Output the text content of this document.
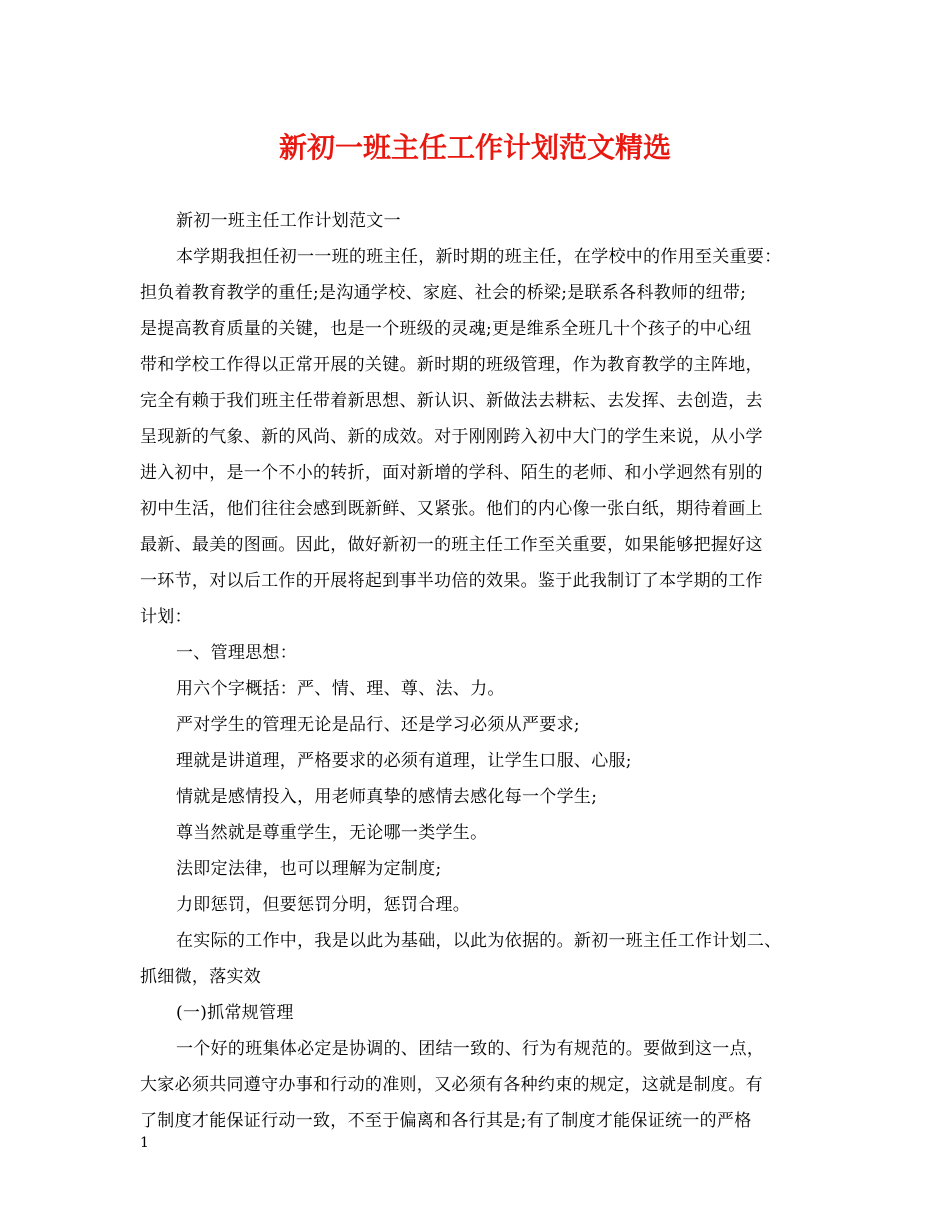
新初一班主任工作计划范文精选
新初一班主任工作计划范文一
本学期我担任初一一班的班主任，新时期的班主任，在学校中的作用至关重要：
担负着教育教学的重任;是沟通学校、家庭、社会的桥梁;是联系各科教师的纽带;
是提高教育质量的关键，也是一个班级的灵魂;更是维系全班几十个孩子的中心纽
带和学校工作得以正常开展的关键。新时期的班级管理，作为教育教学的主阵地，
完全有赖于我们班主任带着新思想、新认识、新做法去耕耘、去发挥、去创造，去
呈现新的气象、新的风尚、新的成效。对于刚刚跨入初中大门的学生来说，从小学
进入初中，是一个不小的转折，面对新增的学科、陌生的老师、和小学迥然有别的
初中生活，他们往往会感到既新鲜、又紧张。他们的内心像一张白纸，期待着画上
最新、最美的图画。因此，做好新初一的班主任工作至关重要，如果能够把握好这
一环节，对以后工作的开展将起到事半功倍的效果。鉴于此我制订了本学期的工作
计划：
一、管理思想：
用六个字概括：严、情、理、尊、法、力。
严对学生的管理无论是品行、还是学习必须从严要求;
理就是讲道理，严格要求的必须有道理，让学生口服、心服;
情就是感情投入，用老师真挚的感情去感化每一个学生;
尊当然就是尊重学生，无论哪一类学生。
法即定法律，也可以理解为定制度;
力即惩罚，但要惩罚分明，惩罚合理。
在实际的工作中，我是以此为基础，以此为依据的。新初一班主任工作计划二、
抓细微，落实效
(一)抓常规管理
一个好的班集体必定是协调的、团结一致的、行为有规范的。要做到这一点，
大家必须共同遵守办事和行动的准则，又必须有各种约束的规定，这就是制度。有
了制度才能保证行动一致，不至于偏离和各行其是;有了制度才能保证统一的严格
1
